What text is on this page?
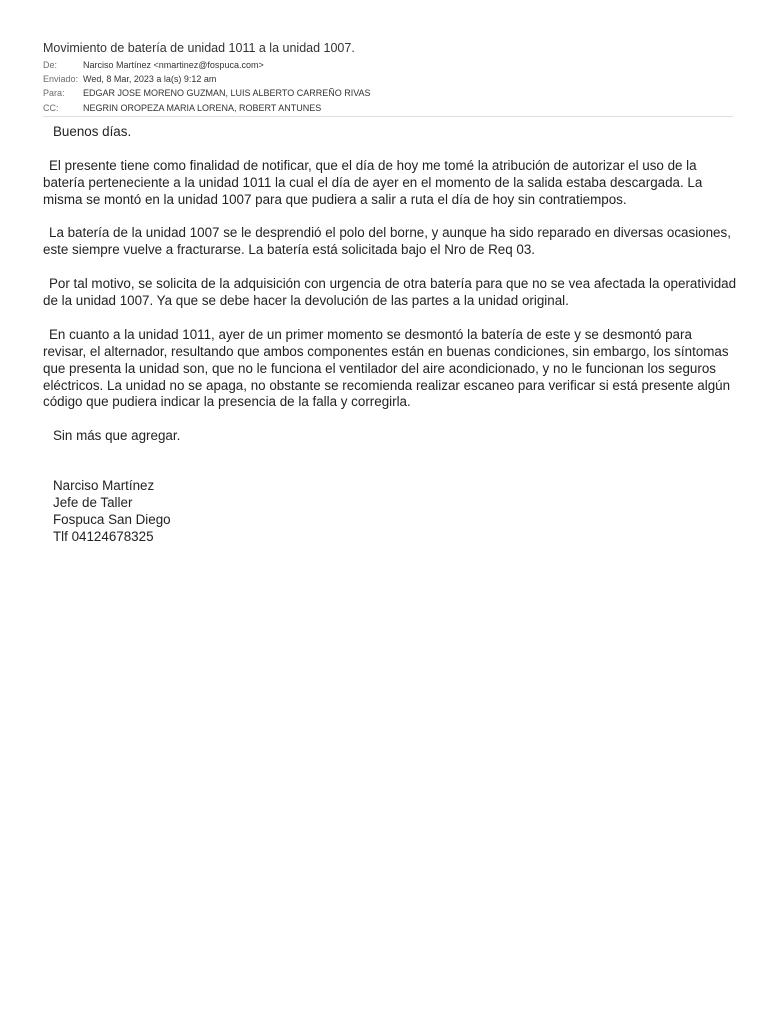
Movimiento de batería de unidad 1011 a la unidad 1007.
De:	Narciso Martínez <nmartinez@fospuca.com>
Enviado: Wed, 8 Mar, 2023 a la(s) 9:12 am
Para:	EDGAR JOSE MORENO GUZMAN, LUIS ALBERTO CARREÑO RIVAS
CC:	NEGRIN OROPEZA MARIA LORENA, ROBERT ANTUNES

Buenos días.

El presente tiene como finalidad de notificar, que el día de hoy me tomé la atribución de autorizar el uso de la batería perteneciente a la unidad 1011 la cual el día de ayer en el momento de la salida estaba descargada. La misma se montó en la unidad 1007 para que pudiera a salir a ruta el día de hoy sin contratiempos.

La batería de la unidad 1007 se le desprendió el polo del borne, y aunque ha sido reparado en diversas ocasiones, este siempre vuelve a fracturarse. La batería está solicitada bajo el Nro de Req 03.

Por tal motivo, se solicita de la adquisición con urgencia de otra batería para que no se vea afectada la operatividad de la unidad 1007. Ya que se debe hacer la devolución de las partes a la unidad original.

En cuanto a la unidad 1011, ayer de un primer momento se desmontó la batería de este y se desmontó para revisar, el alternador, resultando que ambos componentes están en buenas condiciones, sin embargo, los síntomas que presenta la unidad son, que no le funciona el ventilador del aire acondicionado, y no le funcionan los seguros eléctricos. La unidad no se apaga, no obstante se recomienda realizar escaneo para verificar si está presente algún código que pudiera indicar la presencia de la falla y corregirla.

Sin más que agregar.

Narciso Martínez
Jefe de Taller
Fospuca San Diego
Tlf 04124678325
